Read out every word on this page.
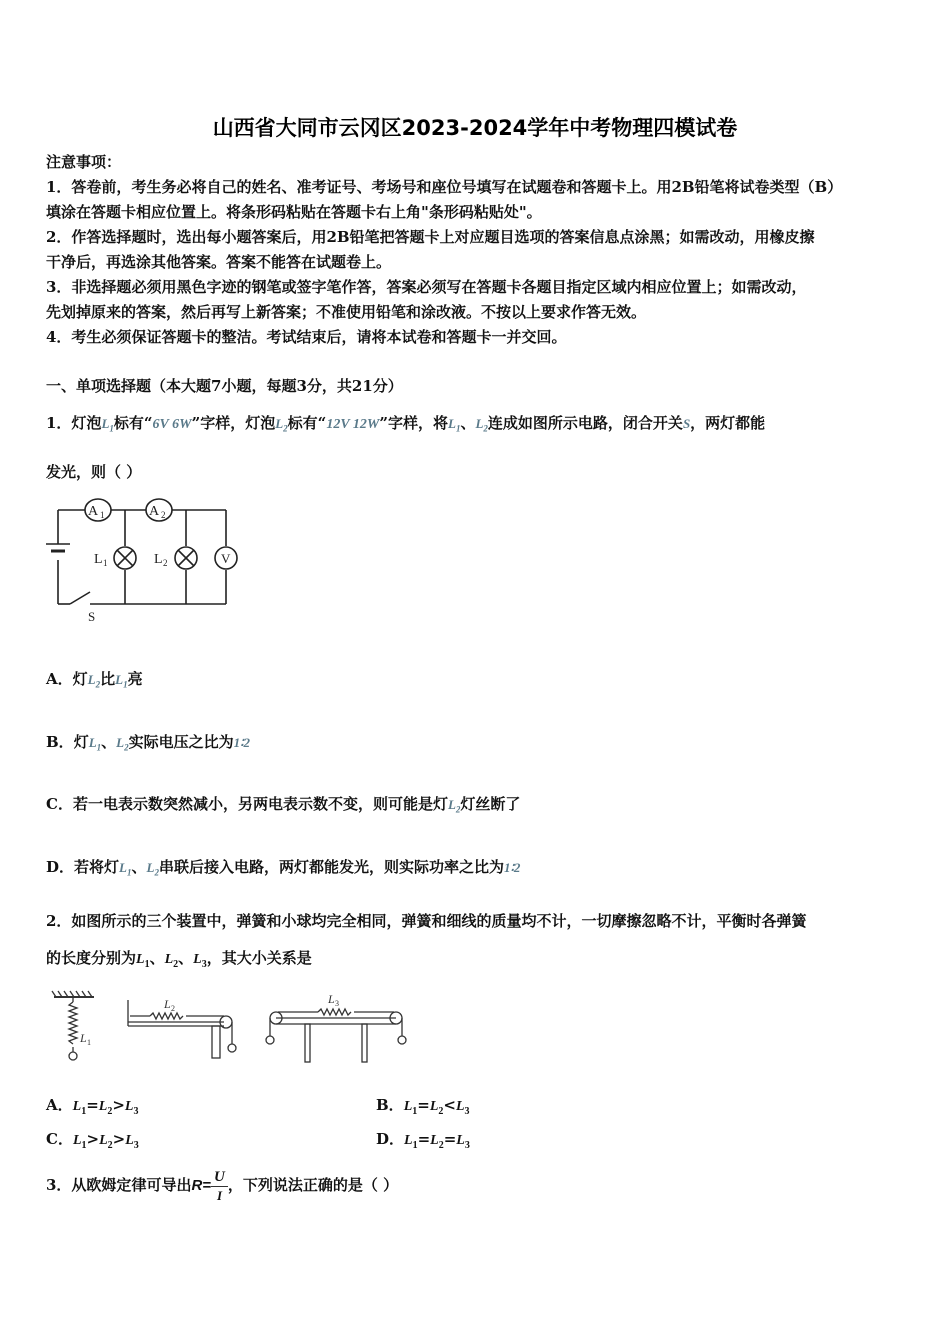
山西省大同市云冈区2023-2024学年中考物理四模试卷
注意事项：
1．答卷前，考生务必将自己的姓名、准考证号、考场号和座位号填写在试题卷和答题卡上。用2B铅笔将试卷类型（B）
填涂在答题卡相应位置上。将条形码粘贴在答题卡右上角"条形码粘贴处"。
2．作答选择题时，选出每小题答案后，用2B铅笔把答题卡上对应题目选项的答案信息点涂黑；如需改动，用橡皮擦
干净后，再选涂其他答案。答案不能答在试题卷上。
3．非选择题必须用黑色字迹的钢笔或签字笔作答，答案必须写在答题卡各题目指定区域内相应位置上；如需改动，
先划掉原来的答案，然后再写上新答案；不准使用铅笔和涂改液。不按以上要求作答无效。
4．考生必须保证答题卡的整洁。考试结束后，请将本试卷和答题卡一并交回。
一、单项选择题（本大题7小题，每题3分，共21分）
1．灯泡$L_1$标有“6V 6W”字样，灯泡$L_2$标有“12V 12W”字样，将$L_1$、$L_2$连成如图所示电路，闭合开关S，两灯都能
发光，则（ ）
A 1	A 2
L 1	L 2	V
S
A．灯$L_2$比$L_1$亮
B．灯$L_1$、$L_2$实际电压之比为1∶2
C．若一电表示数突然减小，另两电表示数不变，则可能是灯$L_2$灯丝断了
D．若将灯$L_1$、$L_2$串联后接入电路，两灯都能发光，则实际功率之比为1∶2
2．如图所示的三个装置中，弹簧和小球均完全相同，弹簧和细线的质量均不计，一切摩擦忽略不计，平衡时各弹簧
的长度分别为$L_1$、$L_2$、$L_3$，其大小关系是
L 1
L 2
L 3
A．$L_1=L_2>L_3$	B．$L_1=L_2<L_3$
C．$L_1>L_2>L_3$	D．$L_1=L_2=L_3$
3．从欧姆定律可导出$R= \frac{U}{I}$ ，下列说法正确的是（ ）
